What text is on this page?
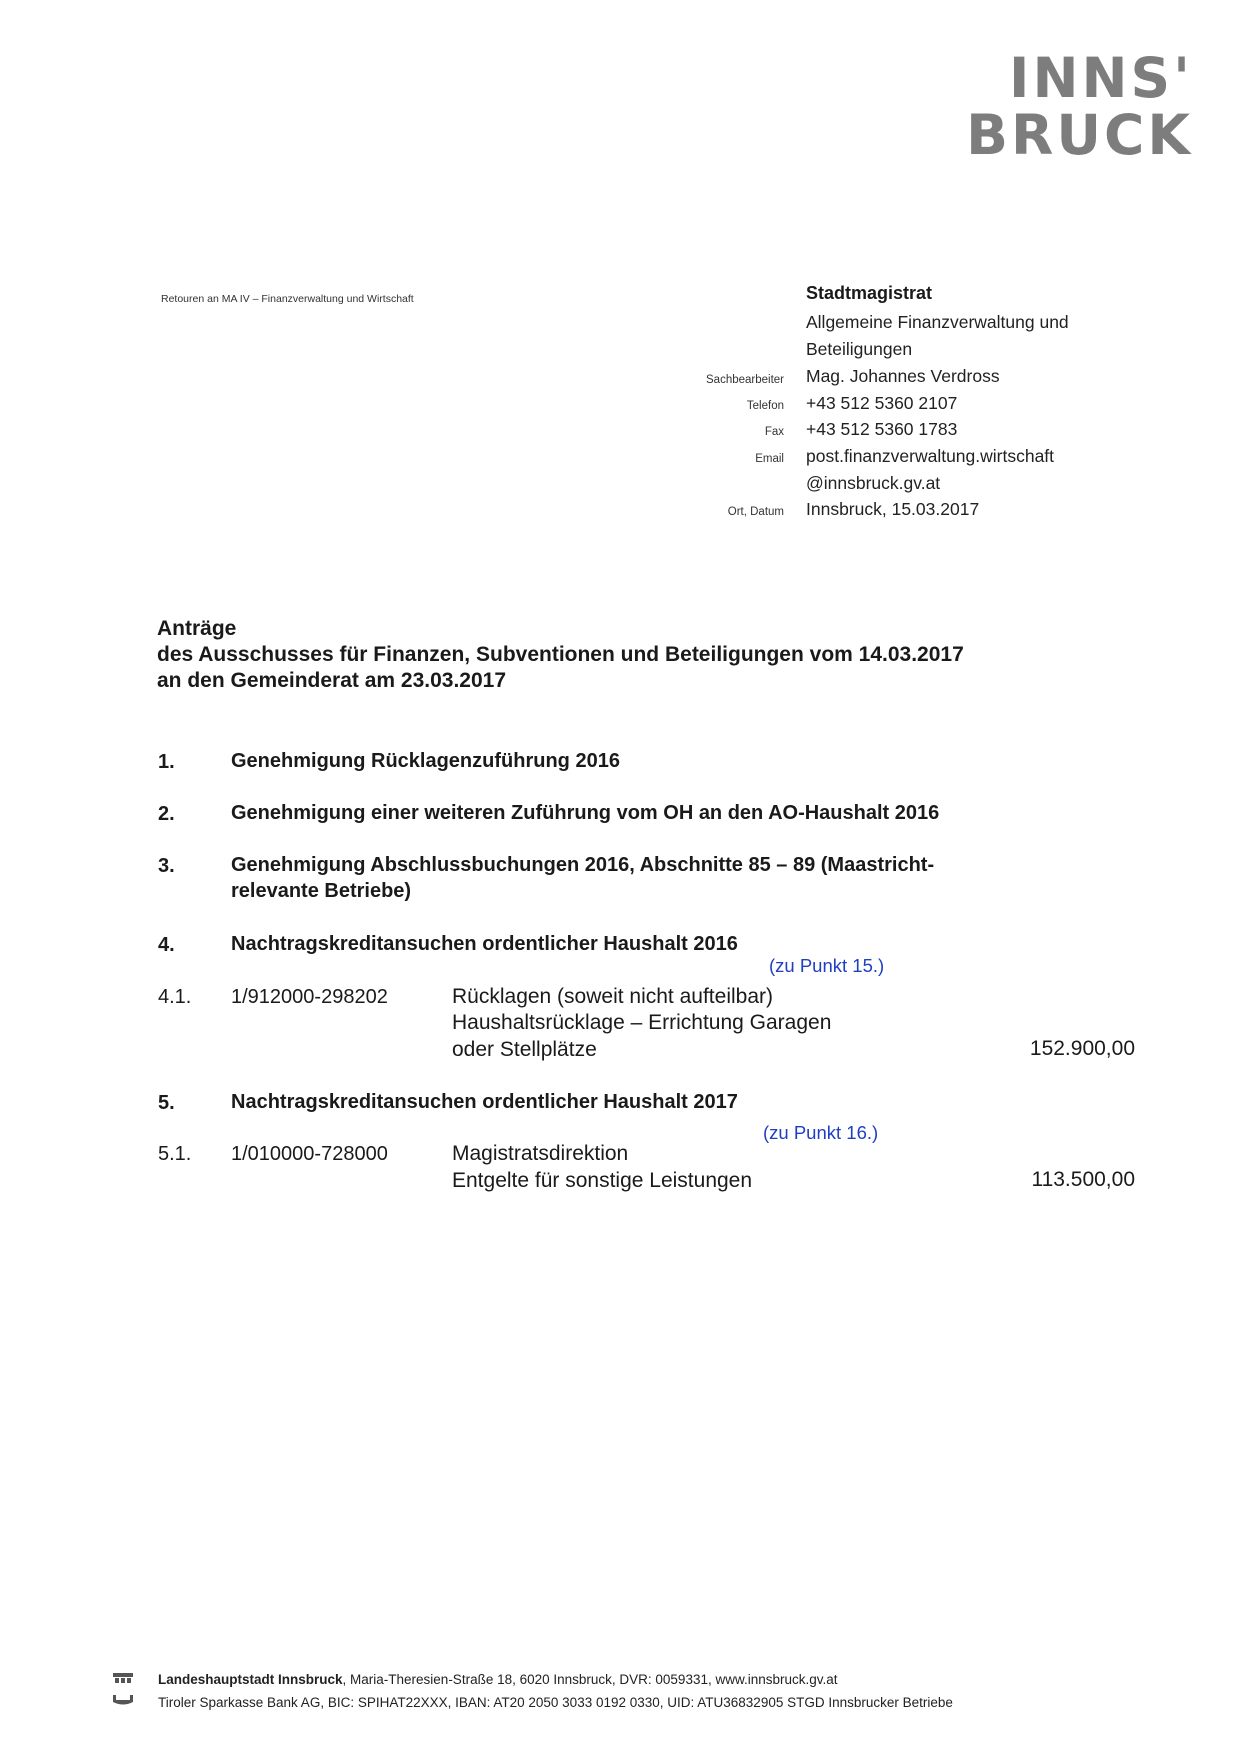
INNS'
BRUCK
Retouren an MA IV – Finanzverwaltung und Wirtschaft	Stadtmagistrat
Allgemeine Finanzverwaltung und
Beteiligungen
Sachbearbeiter Mag. Johannes Verdross
Telefon +43 512 5360 2107
Fax +43 512 5360 1783
Email post.finanzverwaltung.wirtschaft
@innsbruck.gv.at
Ort, Datum Innsbruck, 15.03.2017
Anträge
des Ausschusses für Finanzen, Subventionen und Beteiligungen vom 14.03.2017
an den Gemeinderat am 23.03.2017
1.	Genehmigung Rücklagenzuführung 2016
2.	Genehmigung einer weiteren Zuführung vom OH an den AO-Haushalt 2016
3.	Genehmigung Abschlussbuchungen 2016, Abschnitte 85 – 89 (Maastricht-
relevante Betriebe)
4.	Nachtragskreditansuchen ordentlicher Haushalt 2016
(zu Punkt 15.)
4.1. 1/912000-298202	Rücklagen (soweit nicht aufteilbar)
Haushaltsrücklage – Errichtung Garagen
oder Stellplätze	152.900,00
5.	Nachtragskreditansuchen ordentlicher Haushalt 2017
(zu Punkt 16.)
5.1. 1/010000-728000	Magistratsdirektion
Entgelte für sonstige Leistungen	113.500,00
Landeshauptstadt Innsbruck, Maria-Theresien-Straße 18, 6020 Innsbruck, DVR: 0059331, www.innsbruck.gv.at
Tiroler Sparkasse Bank AG, BIC: SPIHAT22XXX, IBAN: AT20 2050 3033 0192 0330, UID: ATU36832905 STGD Innsbrucker Betriebe
